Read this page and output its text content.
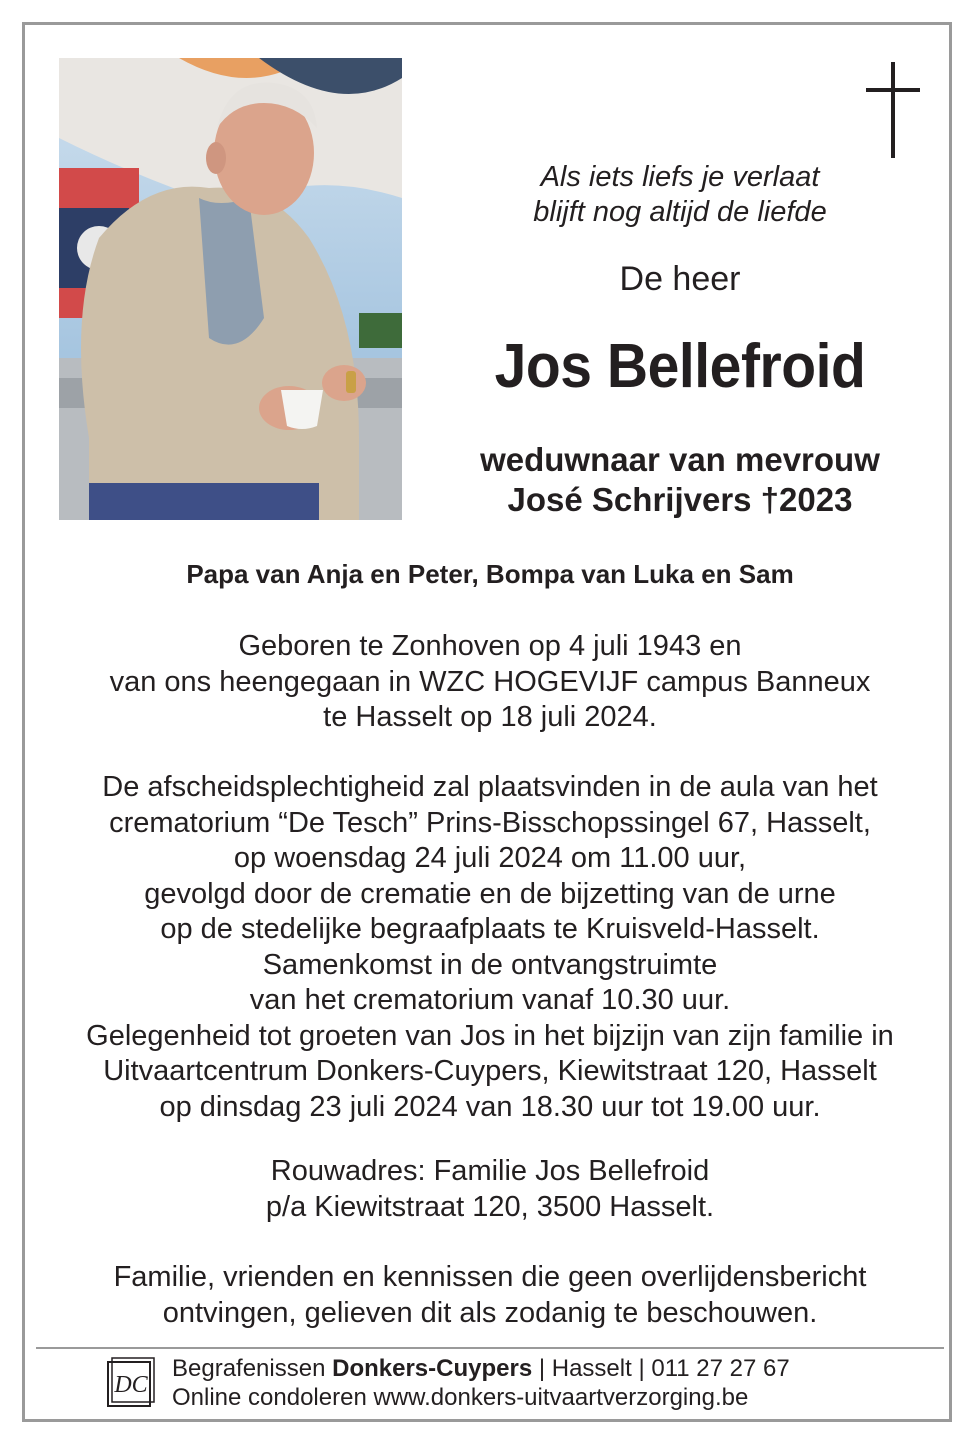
Als iets liefs je verlaat
blijft nog altijd de liefde
De heer
Jos Bellefroid
weduwnaar van mevrouw
José Schrijvers †2023
Papa van Anja en Peter, Bompa van Luka en Sam
Geboren te Zonhoven op 4 juli 1943 en
van ons heengegaan in WZC HOGEVIJF campus Banneux
te Hasselt op 18 juli 2024.
De afscheidsplechtigheid zal plaatsvinden in de aula van het
crematorium “De Tesch” Prins-Bisschopssingel 67, Hasselt,
op woensdag 24 juli 2024 om 11.00 uur,
gevolgd door de crematie en de bijzetting van de urne
op de stedelijke begraafplaats te Kruisveld-Hasselt.
Samenkomst in de ontvangstruimte
van het crematorium vanaf 10.30 uur.
Gelegenheid tot groeten van Jos in het bijzijn van zijn familie in
Uitvaartcentrum Donkers-Cuypers, Kiewitstraat 120, Hasselt
op dinsdag 23 juli 2024 van 18.30 uur tot 19.00 uur.
Rouwadres: Familie Jos Bellefroid
p/a Kiewitstraat 120, 3500 Hasselt.
Familie, vrienden en kennissen die geen overlijdensbericht
ontvingen, gelieven dit als zodanig te beschouwen.
DC
Begrafenissen Donkers-Cuypers | Hasselt | 011 27 27 67
Online condoleren www.donkers-uitvaartverzorging.be
